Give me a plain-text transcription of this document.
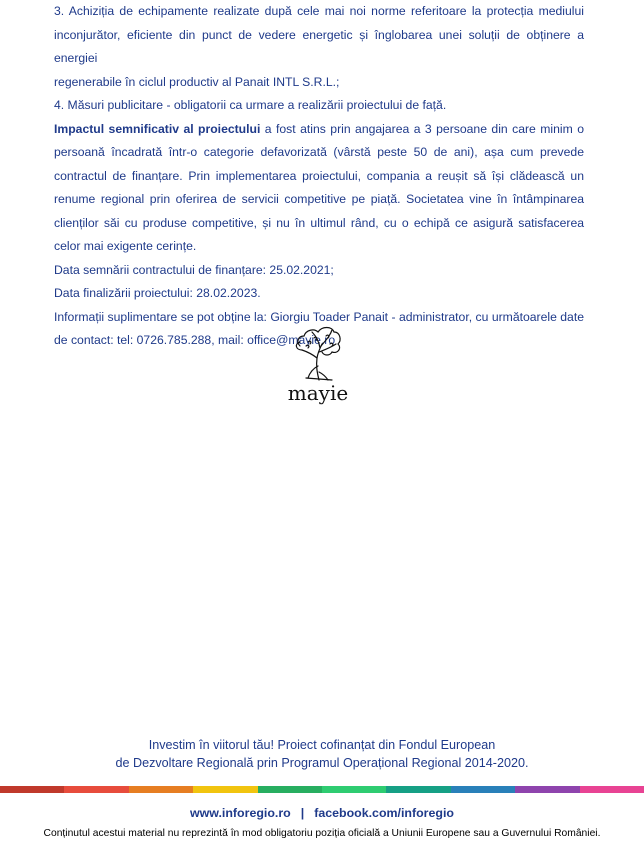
3. Achiziția de echipamente realizate după cele mai noi norme referitoare la protecția mediului

inconjurător, eficiente din punct de vedere energetic și înglobarea unei soluții de obținere a energiei

regenerabile în ciclul productiv al Panait INTL S.R.L.;

4. Măsuri publicitare - obligatorii ca urmare a realizării proiectului de față.

Impactul semnificativ al proiectului a fost atins prin angajarea a 3 persoane din care minim o persoană încadrată într-o categorie defavorizată (vârstă peste 50 de ani), așa cum prevede contractul de finanțare. Prin implementarea proiectului, compania a reușit să își clădească un renume regional prin oferirea de servicii competitive pe piață. Societatea vine în întâmpinarea clienților săi cu produse competitive, și nu în ultimul rând, cu o echipă ce asigură satisfacerea celor mai exigente cerințe.

Data semnării contractului de finanțare: 25.02.2021;

Data finalizării proiectului: 28.02.2023.

Informații suplimentare se pot obține la: Giorgiu Toader Panait - administrator, cu următoarele date de contact: tel: 0726.785.288, mail: office@mayie.ro

mayie
Investim în viitorul tău! Proiect cofinanțat din Fondul European
de Dezvoltare Regională prin Programul Operațional Regional 2014-2020.
www.inforegio.ro | facebook.com/inforegio
Conținutul acestui material nu reprezintă în mod obligatoriu poziția oficială a Uniunii Europene sau a Guvernului României.
